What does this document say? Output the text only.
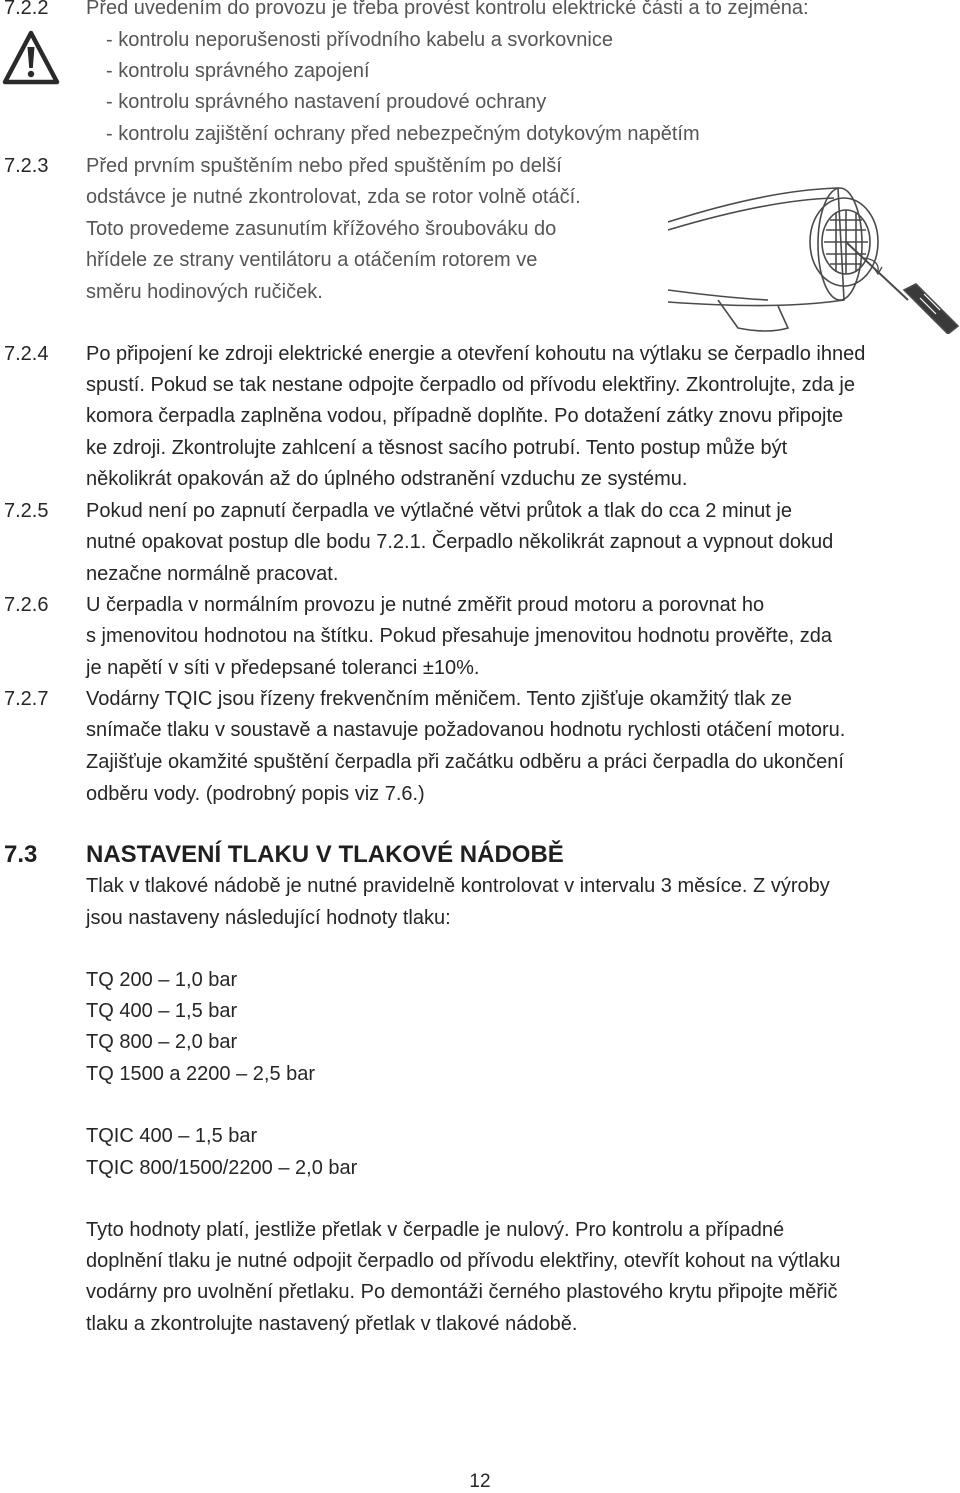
7.2.2 Před uvedením do provozu je třeba provést kontrolu elektrické části a to zejména:

- kontrolu neporušenosti přívodního kabelu a svorkovnice

- kontrolu správného zapojení

- kontrolu správného nastavení proudové ochrany

- kontrolu zajištění ochrany před nebezpečným dotykovým napětím

7.2.3 Před prvním spuštěním nebo před spuštěním po delší

odstávce je nutné zkontrolovat, zda se rotor volně otáčí.

Toto provedeme zasunutím křížového šroubováku do

hřídele ze strany ventilátoru a otáčením rotorem ve

směru hodinových ručiček.

7.2.4 Po připojení ke zdroji elektrické energie a otevření kohoutu na výtlaku se čerpadlo ihned

spustí. Pokud se tak nestane odpojte čerpadlo od přívodu elektřiny. Zkontrolujte, zda je

komora čerpadla zaplněna vodou, případně doplňte. Po dotažení zátky znovu připojte

ke zdroji. Zkontrolujte zahlcení a těsnost sacího potrubí. Tento postup může být

několikrát opakován až do úplného odstranění vzduchu ze systému.

7.2.5 Pokud není po zapnutí čerpadla ve výtlačné větvi průtok a tlak do cca 2 minut je

nutné opakovat postup dle bodu 7.2.1. Čerpadlo několikrát zapnout a vypnout dokud

nezačne normálně pracovat.

7.2.6 U čerpadla v normálním provozu je nutné změřit proud motoru a porovnat ho

s jmenovitou hodnotou na štítku. Pokud přesahuje jmenovitou hodnotu prověřte, zda

je napětí v síti v předepsané toleranci ±10%.

7.2.7 Vodárny TQIC jsou řízeny frekvenčním měničem. Tento zjišťuje okamžitý tlak ze

snímače tlaku v soustavě a nastavuje požadovanou hodnotu rychlosti otáčení motoru.

Zajišťuje okamžité spuštění čerpadla při začátku odběru a práci čerpadla do ukončení

odběru vody. (podrobný popis viz 7.6.)

7.3 NASTAVENÍ TLAKU V TLAKOVÉ NÁDOBĚ

Tlak v tlakové nádobě je nutné pravidelně kontrolovat v intervalu 3 měsíce. Z výroby

jsou nastaveny následující hodnoty tlaku:

TQ 200 – 1,0 bar

TQ 400 – 1,5 bar

TQ 800 – 2,0 bar

TQ 1500 a 2200 – 2,5 bar

TQIC 400 – 1,5 bar

TQIC 800/1500/2200 – 2,0 bar

Tyto hodnoty platí, jestliže přetlak v čerpadle je nulový. Pro kontrolu a případné

doplnění tlaku je nutné odpojit čerpadlo od přívodu elektřiny, otevřít kohout na výtlaku

vodárny pro uvolnění přetlaku. Po demontáži černého plastového krytu připojte měřič

tlaku a zkontrolujte nastavený přetlak v tlakové nádobě.

12
